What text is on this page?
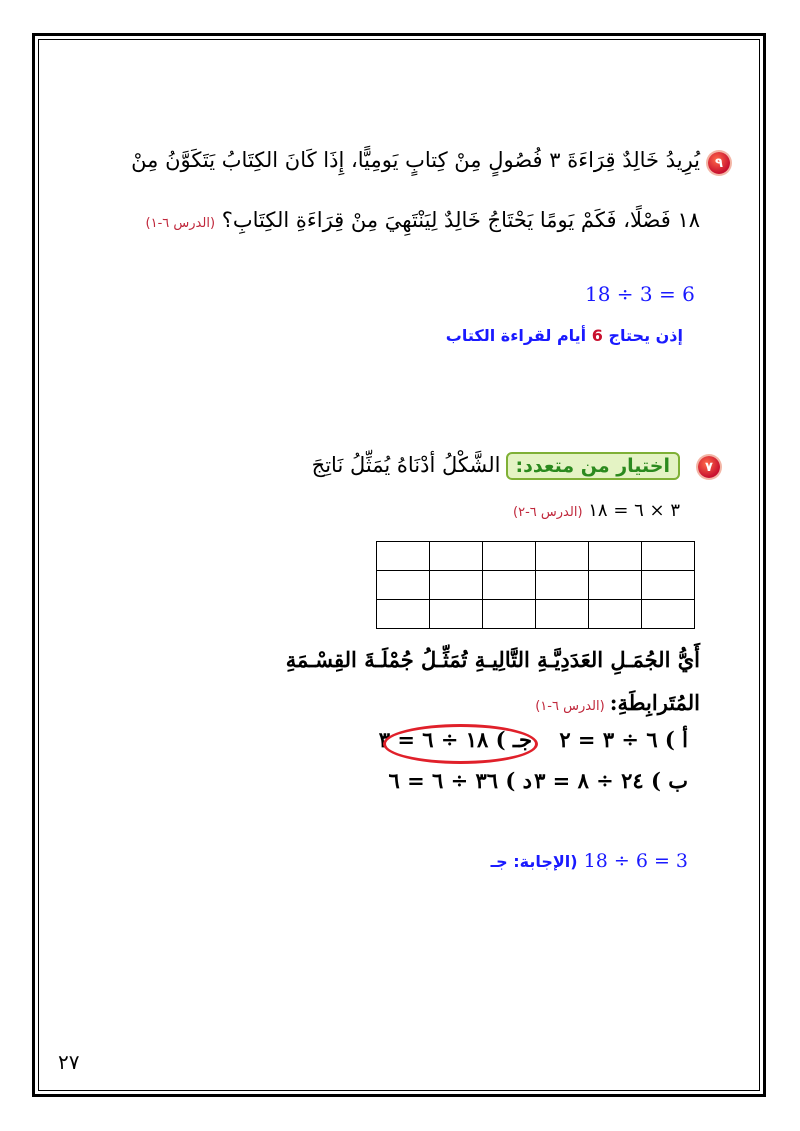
٩
يُرِيدُ خَالِدٌ قِرَاءَةَ ٣ فُصُولٍ مِنْ كِتابٍ يَومِيًّا، إِذَا كَانَ الكِتَابُ يَتَكَوَّنُ مِنْ
١٨ فَصْلًا، فَكَمْ يَومًا يَحْتَاجُ خَالِدٌ لِيَنْتَهِيَ مِنْ قِرَاءَةِ الكِتَابِ؟ (الدرس ٦-١)
18 ÷ 3 = 6
إذن يحتاج 6 أيام لقراءة الكتاب
٧
اختيار من متعدد: الشَّكْلُ أدْنَاهُ يُمَثِّلُ نَاتِجَ
٣ × ٦ = ١٨ (الدرس ٦-٢)

أَيُّ الجُمَـلِ العَدَدِيَّـةِ التَّالِيـةِ تُمَثِّـلُ جُمْلَـةَ القِسْـمَةِ
المُتَرابِطَةِ: (الدرس ٦-١)
أ ) ٦ ÷ ٣ = ٢
جـ ) ١٨ ÷ ٦ = ٣
ب ) ٢٤ ÷ ٨ = ٣
د ) ٣٦ ÷ ٦ = ٦
الإجابة: جـ) 18 ÷ 6 = 3
٢٧
